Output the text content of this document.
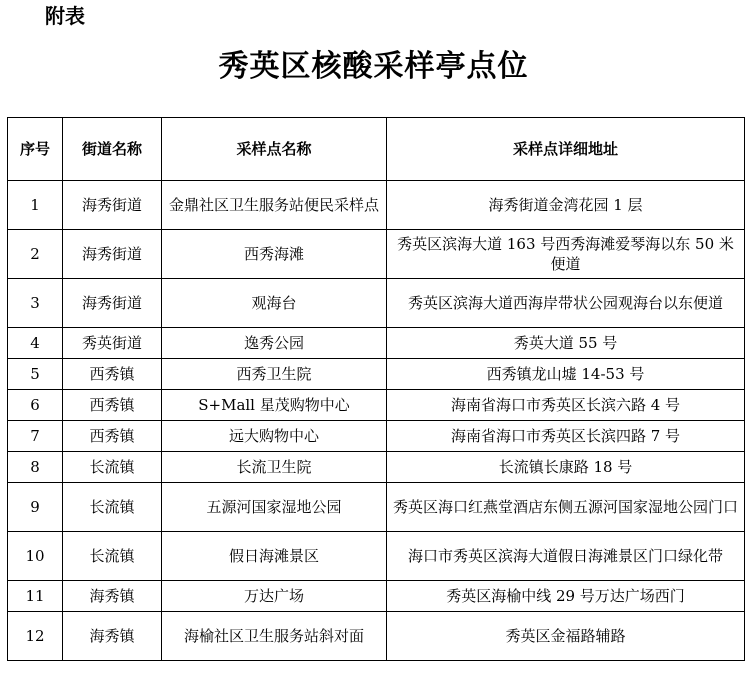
附表
秀英区核酸采样亭点位
序号	街道名称	采样点名称	采样点详细地址
1	海秀街道	金鼎社区卫生服务站便民采样点	海秀街道金湾花园 1 层
2	海秀街道	西秀海滩	秀英区滨海大道 163 号西秀海滩爱琴海以东 50 米便道
3	海秀街道	观海台	秀英区滨海大道西海岸带状公园观海台以东便道
4	秀英街道	逸秀公园	秀英大道 55 号
5	西秀镇	西秀卫生院	西秀镇龙山墟 14-53 号
6	西秀镇	S+Mall 星茂购物中心	海南省海口市秀英区长滨六路 4 号
7	西秀镇	远大购物中心	海南省海口市秀英区长滨四路 7 号
8	长流镇	长流卫生院	长流镇长康路 18 号
9	长流镇	五源河国家湿地公园	秀英区海口红燕堂酒店东侧五源河国家湿地公园门口
10	长流镇	假日海滩景区	海口市秀英区滨海大道假日海滩景区门口绿化带
11	海秀镇	万达广场	秀英区海榆中线 29 号万达广场西门
12	海秀镇	海榆社区卫生服务站斜对面	秀英区金福路辅路
